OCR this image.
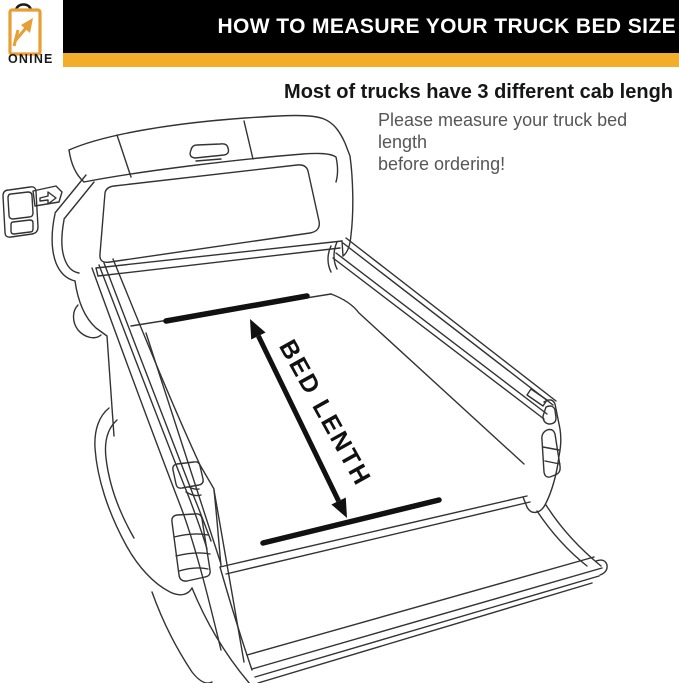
ONINE
HOW TO MEASURE YOUR TRUCK BED SIZE
Most of trucks have 3 different cab lengh
Please measure your truck bed length
before ordering!
BED LENTH
